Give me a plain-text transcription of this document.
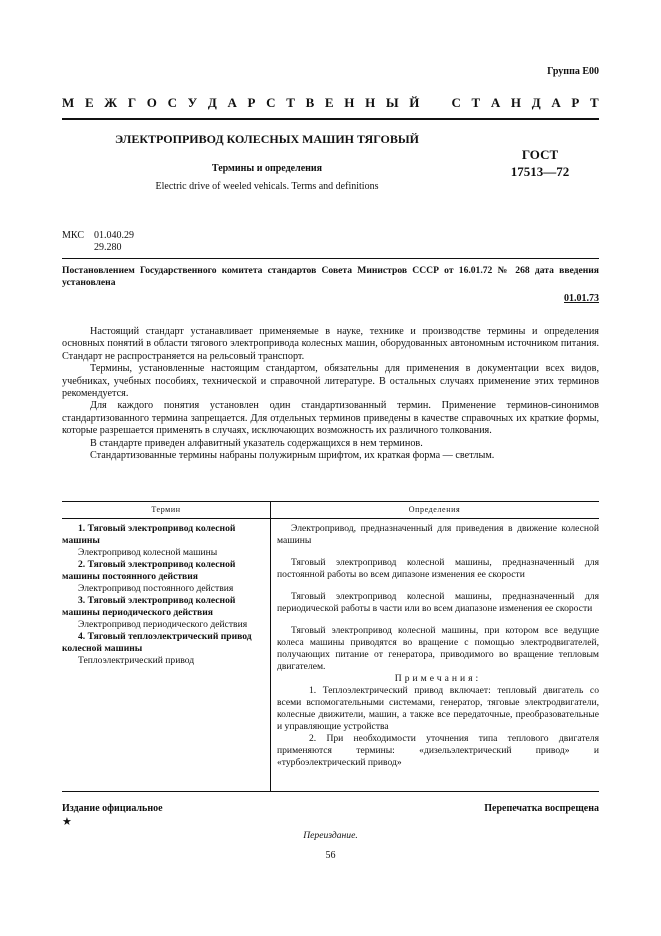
Группа Е00
М Е Ж Г О С У Д А Р С Т В Е Н Н Ы Й С Т А Н Д А Р Т
ЭЛЕКТРОПРИВОД КОЛЕСНЫХ МАШИН ТЯГОВЫЙ
Термины и определения
Electric drive of weeled vehicals. Terms and definitions
ГОСТ
17513—72
МКС 01.040.29
29.280
Постановлением Государственного комитета стандартов Совета Министров СССР от 16.01.72 № 268 дата введения установлена
01.01.73

Настоящий стандарт устанавливает применяемые в науке, технике и производстве термины и определения основных понятий в области тягового электропривода колесных машин, оборудованных автономным источником питания. Стандарт не распространяется на рельсовый транспорт.

Термины, установленные настоящим стандартом, обязательны для применения в документации всех видов, учебниках, учебных пособиях, технической и справочной литературе. В остальных случаях применение этих терминов рекомендуется.

Для каждого понятия установлен один стандартизованный термин. Применение терминов-синонимов стандартизованного термина запрещается. Для отдельных терминов приведены в качестве справочных их краткие формы, которые разрешается применять в случаях, исключающих возможность их различного толкования.

В стандарте приведен алфавитный указатель содержащихся в нем терминов.

Стандартизованные термины набраны полужирным шрифтом, их краткая форма — светлым.

Термин	Определения
1. Тяговый электропривод колесной машины
Электропривод колесной машины
2. Тяговый электропривод колесной машины постоянного действия
Электропривод постоянного действия
3. Тяговый электропривод колесной машины периодического действия
Электропривод периодического действия
4. Тяговый теплоэлектрический привод колесной машины
Теплоэлектрический привод

Электропривод, предназначенный для приведения в движение колесной машины

Тяговый электропривод колесной машины, предназначенный для постоянной работы во всем дипазоне изменения ее скорости

Тяговый электропривод колесной машины, предназначенный для периодической работы в части или во всем диапазоне изменения ее скорости

Тяговый электропривод колесной машины, при котором все ведущие колеса машины приводятся во вращение с помощью электродвигателей, получающих питание от генератора, приводимого во вращение тепловым двигателем.

Примечания:

1. Теплоэлектрический привод включает: тепловый двигатель со всеми вспомогательными системами, генератор, тяговые электродвигатели, колесные движители, машин, а также все передаточные, преобразовательные и управляющие устройства

2. При необходимости уточнения типа теплового двигателя применяются термины: «дизельэлектрический привод» и «турбоэлектрический привод»

Издание официальное	Перепечатка воспрещена
★
Переиздание.
56
